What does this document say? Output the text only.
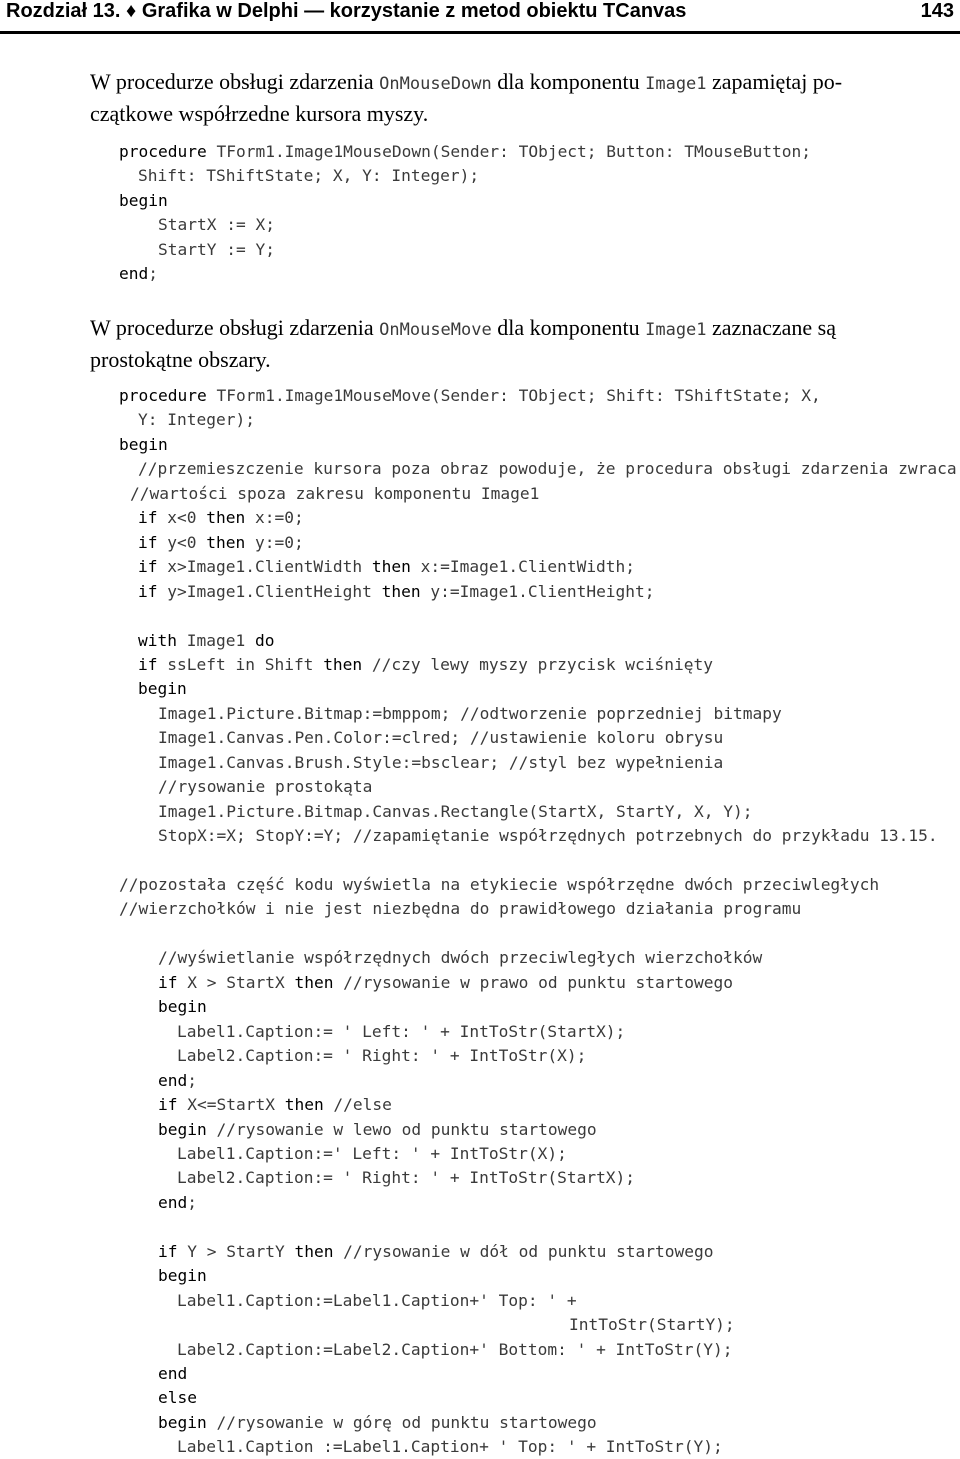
Rozdział 13. ♦ Grafika w Delphi — korzystanie z metod obiektu TCanvas	143
W procedurze obsługi zdarzenia OnMouseDown dla komponentu Image1 zapamiętaj po-
czątkowe współrzedne kursora myszy.
procedure TForm1.Image1MouseDown(Sender: TObject; Button: TMouseButton;
Shift: TShiftState; X, Y: Integer);
begin
StartX := X;
StartY := Y;
end;
W procedurze obsługi zdarzenia OnMouseMove dla komponentu Image1 zaznaczane są
prostokątne obszary.
procedure TForm1.Image1MouseMove(Sender: TObject; Shift: TShiftState; X,
Y: Integer);
begin
//przemieszczenie kursora poza obraz powoduje, że procedura obsługi zdarzenia zwraca
//wartości spoza zakresu komponentu Image1
if x<0 then x:=0;
if y<0 then y:=0;
if x>Image1.ClientWidth then x:=Image1.ClientWidth;
if y>Image1.ClientHeight then y:=Image1.ClientHeight;
with Image1 do
if ssLeft in Shift then //czy lewy myszy przycisk wciśnięty
begin
Image1.Picture.Bitmap:=bmppom; //odtworzenie poprzedniej bitmapy
Image1.Canvas.Pen.Color:=clred; //ustawienie koloru obrysu
Image1.Canvas.Brush.Style:=bsclear; //styl bez wypełnienia
//rysowanie prostokąta
Image1.Picture.Bitmap.Canvas.Rectangle(StartX, StartY, X, Y);
StopX:=X; StopY:=Y; //zapamiętanie współrzędnych potrzebnych do przykładu 13.15.
//pozostała część kodu wyświetla na etykiecie współrzędne dwóch przeciwległych
//wierzchołków i nie jest niezbędna do prawidłowego działania programu
//wyświetlanie współrzędnych dwóch przeciwległych wierzchołków
if X > StartX then //rysowanie w prawo od punktu startowego
begin
Label1.Caption:= ' Left: ' + IntToStr(StartX);
Label2.Caption:= ' Right: ' + IntToStr(X);
end;
if X<=StartX then //else
begin //rysowanie w lewo od punktu startowego
Label1.Caption:=' Left: ' + IntToStr(X);
Label2.Caption:= ' Right: ' + IntToStr(StartX);
end;
if Y > StartY then //rysowanie w dół od punktu startowego
begin
Label1.Caption:=Label1.Caption+' Top: ' +
IntToStr(StartY);
Label2.Caption:=Label2.Caption+' Bottom: ' + IntToStr(Y);
end
else
begin //rysowanie w górę od punktu startowego
Label1.Caption :=Label1.Caption+ ' Top: ' + IntToStr(Y);
